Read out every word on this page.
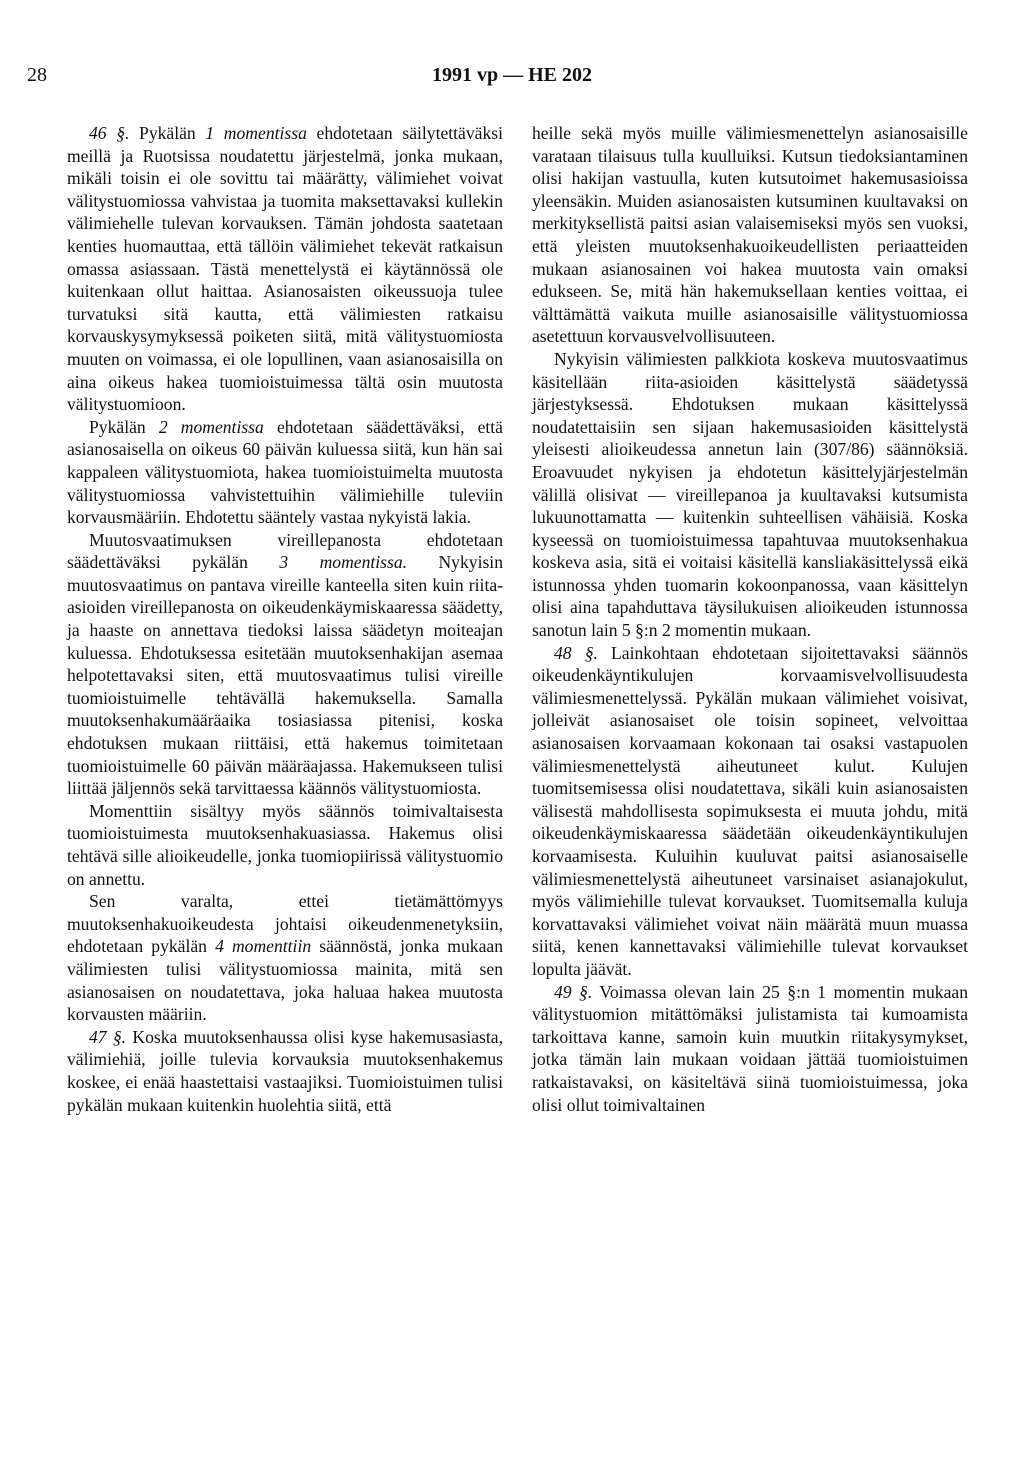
28	1991 vp — HE 202

46 §. Pykälän 1 momentissa ehdotetaan säilytettäväksi meillä ja Ruotsissa noudatettu järjestelmä, jonka mukaan, mikäli toisin ei ole sovittu tai määrätty, välimiehet voivat välitystuomiossa vahvistaa ja tuomita maksettavaksi kullekin välimiehelle tulevan korvauksen. Tämän johdosta saatetaan kenties huomauttaa, että tällöin välimiehet tekevät ratkaisun omassa asiassaan. Tästä menettelystä ei käytännössä ole kuitenkaan ollut haittaa. Asianosaisten oikeussuoja tulee turvatuksi sitä kautta, että välimiesten ratkaisu korvauskysymyksessä poiketen siitä, mitä välitystuomiosta muuten on voimassa, ei ole lopullinen, vaan asianosaisilla on aina oikeus hakea tuomioistuimessa tältä osin muutosta välitystuomioon.

Pykälän 2 momentissa ehdotetaan säädettäväksi, että asianosaisella on oikeus 60 päivän kuluessa siitä, kun hän sai kappaleen välitystuomiota, hakea tuomioistuimelta muutosta välitystuomiossa vahvistettuihin välimiehille tuleviin korvausmääriin. Ehdotettu sääntely vastaa nykyistä lakia.

Muutosvaatimuksen vireillepanosta ehdotetaan säädettäväksi pykälän 3 momentissa. Nykyisin muutosvaatimus on pantava vireille kanteella siten kuin riita-asioiden vireillepanosta on oikeudenkäymiskaaressa säädetty, ja haaste on annettava tiedoksi laissa säädetyn moiteajan kuluessa. Ehdotuksessa esitetään muutoksenhakijan asemaa helpotettavaksi siten, että muutosvaatimus tulisi vireille tuomioistuimelle tehtävällä hakemuksella. Samalla muutoksenhakumääräaika tosiasiassa pitenisi, koska ehdotuksen mukaan riittäisi, että hakemus toimitetaan tuomioistuimelle 60 päivän määräajassa. Hakemukseen tulisi liittää jäljennös sekä tarvittaessa käännös välitystuomiosta.

Momenttiin sisältyy myös säännös toimivaltaisesta tuomioistuimesta muutoksenhakuasiassa. Hakemus olisi tehtävä sille alioikeudelle, jonka tuomiopiirissä välitystuomio on annettu.

Sen varalta, ettei tietämättömyys muutoksenhakuoikeudesta johtaisi oikeudenmenetyksiin, ehdotetaan pykälän 4 momenttiin säännöstä, jonka mukaan välimiesten tulisi välitystuomiossa mainita, mitä sen asianosaisen on noudatettava, joka haluaa hakea muutosta korvausten määriin.

47 §. Koska muutoksenhaussa olisi kyse hakemusasiasta, välimiehiä, joille tulevia korvauksia muutoksenhakemus koskee, ei enää haastettaisi vastaajiksi. Tuomioistuimen tulisi pykälän mukaan kuitenkin huolehtia siitä, että

heille sekä myös muille välimiesmenettelyn asianosaisille varataan tilaisuus tulla kuulluiksi. Kutsun tiedoksiantaminen olisi hakijan vastuulla, kuten kutsutoimet hakemusasioissa yleensäkin. Muiden asianosaisten kutsuminen kuultavaksi on merkityksellistä paitsi asian valaisemiseksi myös sen vuoksi, että yleisten muutoksenhakuoikeudellisten periaatteiden mukaan asianosainen voi hakea muutosta vain omaksi edukseen. Se, mitä hän hakemuksellaan kenties voittaa, ei välttämättä vaikuta muille asianosaisille välitystuomiossa asetettuun korvausvelvollisuuteen.

Nykyisin välimiesten palkkiota koskeva muutosvaatimus käsitellään riita-asioiden käsittelystä säädetyssä järjestyksessä. Ehdotuksen mukaan käsittelyssä noudatettaisiin sen sijaan hakemusasioiden käsittelystä yleisesti alioikeudessa annetun lain (307/86) säännöksiä. Eroavuudet nykyisen ja ehdotetun käsittelyjärjestelmän välillä olisivat — vireillepanoa ja kuultavaksi kutsumista lukuunottamatta — kuitenkin suhteellisen vähäisiä. Koska kyseessä on tuomioistuimessa tapahtuvaa muutoksenhakua koskeva asia, sitä ei voitaisi käsitellä kansliakäsittelyssä eikä istunnossa yhden tuomarin kokoonpanossa, vaan käsittelyn olisi aina tapahduttava täysilukuisen alioikeuden istunnossa sanotun lain 5 §:n 2 momentin mukaan.

48 §. Lainkohtaan ehdotetaan sijoitettavaksi säännös oikeudenkäyntikulujen korvaamisvelvollisuudesta välimiesmenettelyssä. Pykälän mukaan välimiehet voisivat, jolleivät asianosaiset ole toisin sopineet, velvoittaa asianosaisen korvaamaan kokonaan tai osaksi vastapuolen välimiesmenettelystä aiheutuneet kulut. Kulujen tuomitsemisessa olisi noudatettava, sikäli kuin asianosaisten välisestä mahdollisesta sopimuksesta ei muuta johdu, mitä oikeudenkäymiskaaressa säädetään oikeudenkäyntikulujen korvaamisesta. Kuluihin kuuluvat paitsi asianosaiselle välimiesmenettelystä aiheutuneet varsinaiset asianajokulut, myös välimiehille tulevat korvaukset. Tuomitsemalla kuluja korvattavaksi välimiehet voivat näin määrätä muun muassa siitä, kenen kannettavaksi välimiehille tulevat korvaukset lopulta jäävät.

49 §. Voimassa olevan lain 25 §:n 1 momentin mukaan välitystuomion mitättömäksi julistamista tai kumoamista tarkoittava kanne, samoin kuin muutkin riitakysymykset, jotka tämän lain mukaan voidaan jättää tuomioistuimen ratkaistavaksi, on käsiteltävä siinä tuomioistuimessa, joka olisi ollut toimivaltainen
